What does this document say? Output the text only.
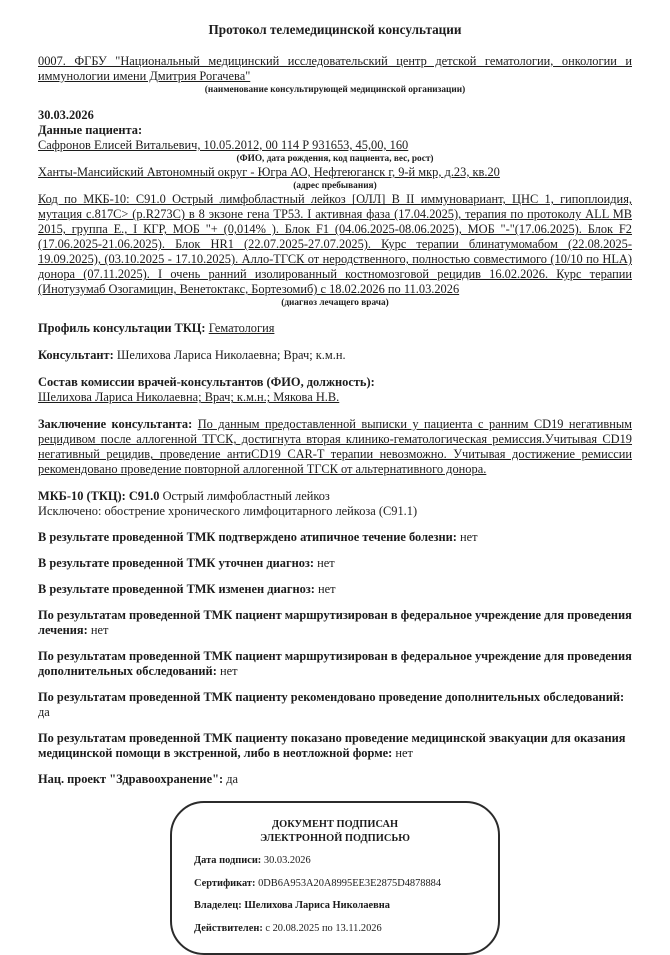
Протокол телемедицинской консультации

0007. ФГБУ "Национальный медицинский исследовательский центр детской гематологии, онкологии и иммунологии имени Дмитрия Рогачева"

(наименование консультирующей медицинской организации)

30.03.2026

Данные пациента:

Сафронов Елисей Витальевич, 10.05.2012, 00 114 Р 931653, 45,00, 160

(ФИО, дата рождения, код пациента, вес, рост)

Ханты-Мансийский Автономный округ - Югра АО, Нефтеюганск г, 9-й мкр, д.23, кв.20

(адрес пребывания)

Код по МКБ-10: С91.0 Острый лимфобластный лейкоз [ОЛЛ] В II иммуновариант, ЦНС 1, гипоплоидия, мутация c.817C> (p.R273C) в 8 экзоне гена ТР53. I активная фаза (17.04.2025), терапия по протоколу ALL MB 2015, группа Е., I КГР, МОБ "+ (0,014% ). Блок F1 (04.06.2025-08.06.2025), МОБ "-"(17.06.2025). Блок F2 (17.06.2025-21.06.2025). Блок HR1 (22.07.2025-27.07.2025). Курс терапии блинатумомабом (22.08.2025-19.09.2025), (03.10.2025 - 17.10.2025). Алло-ТГСК от неродственного, полностью совместимого (10/10 по HLA) донора (07.11.2025). I очень ранний изолированный костномозговой рецидив 16.02.2026. Курс терапии (Инотузумаб Озогамицин, Венетоктакс, Бортезомиб) с 18.02.2026 по 11.03.2026

(диагноз лечащего врача)

Профиль консультации ТКЦ: Гематология

Консультант: Шелихова Лариса Николаевна; Врач; к.м.н.

Состав комиссии врачей-консультантов (ФИО, должность):

Шелихова Лариса Николаевна; Врач; к.м.н.; Мякова Н.В.

Заключение консультанта: По данным предоставленной выписки у пациента с ранним CD19 негативным рецидивом после аллогенной ТГСК, достигнута вторая клинико-гематологическая ремиссия.Учитывая CD19 негативный рецидив, проведение антиCD19 CAR-T терапии невозможно. Учитывая достижение ремиссии рекомендовано проведение повторной аллогенной ТГСК от альтернативного донора.

МКБ-10 (ТКЦ): С91.0 Острый лимфобластный лейкоз

Исключено: обострение хронического лимфоцитарного лейкоза (С91.1)

В результате проведенной ТМК подтверждено атипичное течение болезни: нет

В результате проведенной ТМК уточнен диагноз: нет

В результате проведенной ТМК изменен диагноз: нет

По результатам проведенной ТМК пациент маршрутизирован в федеральное учреждение для проведения лечения: нет

По результатам проведенной ТМК пациент маршрутизирован в федеральное учреждение для проведения дополнительных обследований: нет

По результатам проведенной ТМК пациенту рекомендовано проведение дополнительных обследований: да

По результатам проведенной ТМК пациенту показано проведение медицинской эвакуации для оказания медицинской помощи в экстренной, либо в неотложной форме: нет

Нац. проект "Здравоохранение": да

ДОКУМЕНТ ПОДПИСАН
ЭЛЕКТРОННОЙ ПОДПИСЬЮ

Дата подписи: 30.03.2026

Сертификат: 0DB6A953A20A8995EE3E2875D4878884

Владелец: Шелихова Лариса Николаевна

Действителен: с 20.08.2025 по 13.11.2026
